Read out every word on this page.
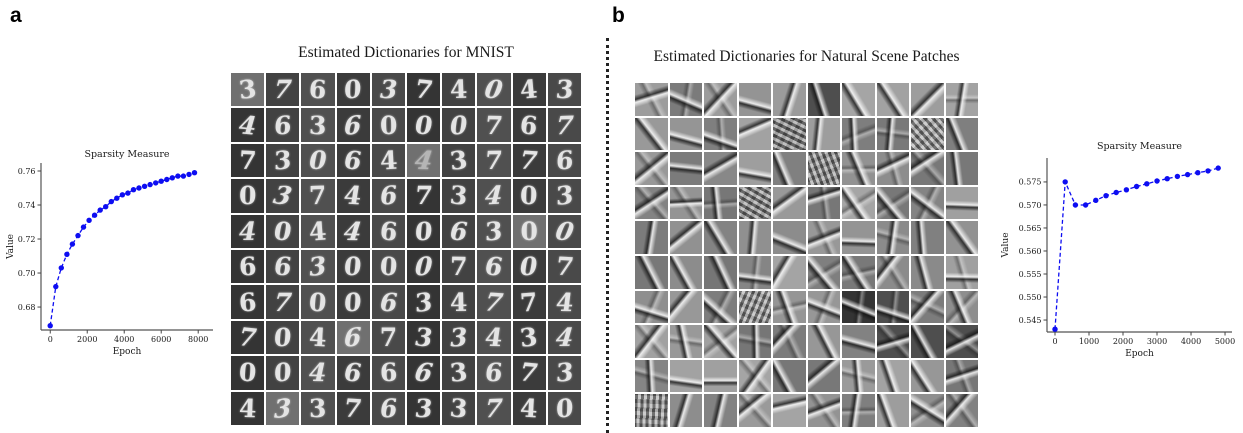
a
0.68
0.70
0.72
0.74
0.76
0	2000 4000 6000 8000
Sparsity Measure
Epoch
Value
Estimated Dictionaries for MNIST
3 7 6 0 3 7 4 0 4 3
4 6 3 6 0 0 0 7 6 7
7 3 0 6 4 4 3 7 7 6
0 3 7 4 6 7 3 4 0 3
4 0 4 4 6 0 6 3 0 0
6 6 3 0 0 0 7 6 0 7
6 7 0 0 6 3 4 7 7 4
7 0 4 6 7 3 3 4 3 4
0 0 4 6 6 6 3 6 7 3
4 3 3 7 6 3 3 7 4 0
b
Estimated Dictionaries for Natural Scene Patches
0.545
0.550
0.555
0.560
0.565
0.570
0.575
0	1000 2000 3000 4000 5000
Sparsity Measure
Epoch
Value
